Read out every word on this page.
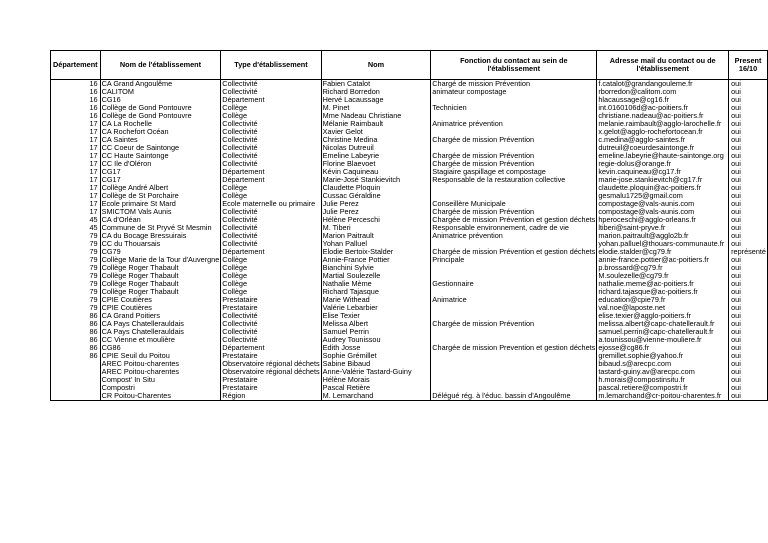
Département	Nom de l'établissement	Type d'établissement	Nom	Fonction du contact au sein de l'établissement	Adresse mail du contact ou de l'établissement	Present 16/10
16	CA Grand Angoulême	Collectivité	Fabien Catalot	Chargé de mission Prévention	f.catalot@grandangouleme.fr	oui
16	CALITOM	Collectivité	Richard Borredon	animateur compostage	rborredon@calitom.com	oui
16	CG16	Département	Hervé Lacaussage		hlacaussage@cg16.fr	oui
16	Collège de Gond Pontouvre	Collège	M. Pinet	Technicien	int.0160106d@ac-poitiers.fr	oui
16	Collège de Gond Pontouvre	Collège	Mme Nadeau Christiane		christiane.nadeau@ac-poitiers.fr	oui
17	CA La Rochelle	Collectivité	Mélanie Raimbault	Animatrice prévention	melanie.raimbault@agglo-larochelle.fr	oui
17	CA Rochefort Océan	Collectivité	Xavier Gelot		x.gelot@agglo-rochefortocean.fr	oui
17	CA Saintes	Collectivité	Christine Medina	Chargée de mission Prévention	c.medina@agglo-saintes.fr	oui
17	CC Coeur de Saintonge	Collectivité	Nicolas Dutreuil		dutreuil@coeurdesaintonge.fr	oui
17	CC Haute Saintonge	Collectivité	Emeline Labeyrie	Chargée de mission Prévention	emeline.labeyrie@haute-saintonge.org	oui
17	CC Ile d'Oléron	Collectivité	Florine Blaevoet	Chargée de mission Prévention	regie-dolus@orange.fr	oui
17	CG17	Département	Kévin Caquineau	Stagiaire gaspillage et compostage	kevin.caquineau@cg17.fr	oui
17	CG17	Département	Marie-José Stankievitch	Responsable de la restauration collective	marie-jose.stankievitch@cg17.fr	oui
17	Collège André Albert	Collège	Claudette Ploquin		claudette.ploquin@ac-poitiers.fr	oui
17	Collège de St Porchaire	Collège	Cussac Géraldine		gesmalu1725@gmail.com	oui
17	Ecole primaire St Mard	Ecole maternelle ou primaire	Julie Perez	Conseillère Municipale	compostage@vals-aunis.com	oui
17	SMICTOM Vals Aunis	Collectivité	Julie Perez	Chargée de mission Prévention	compostage@vals-aunis.com	oui
45	CA d'Orléan	Collectivité	Hélène Perceschi	Chargée de mission Prévention et gestion déchets	hperoceschi@agglo-orleans.fr	oui
45	Commune de St Pryvé St Mesmin	Collectivité	M. Tiberi	Responsable environnement, cadre de vie	ltiberi@saint-pryve.fr	oui
79	CA du Bocage Bressuirais	Collectivité	Marion Paitrault	Animatrice prévention	marion.paitrault@agglo2b.fr	oui
79	CC du Thouarsais	Collectivité	Yohan Palluel		yohan.palluel@thouars-communaute.fr	oui
79	CG79	Département	Elodie Bertoix-Stalder	Chargée de mission Prévention et gestion déchets	elodie.stalder@cg79.fr	représenté
79	Collège Marie de la Tour d'Auvergne	Collège	Annie-France Pottier	Principale	annie-france.pottier@ac-poitiers.fr	oui
79	Collège Roger Thabault	Collège	Bianchini Sylvie		p.brossard@cg79.fr	oui
79	Collège Roger Thabault	Collège	Martial Soulezelle		M.soulezelle@cg79.fr	oui
79	Collège Roger Thabault	Collège	Nathalie Mème	Gestionnaire	nathalie.meme@ac-poitiers.fr	oui
79	Collège Roger Thabault	Collège	Richard Tajasque		richard.tajasque@ac-poitiers.fr	oui
79	CPIE Coutières	Prestataire	Marie Withead	Animatrice	education@cpie79.fr	oui
79	CPIE Coutières	Prestataire	Valérie Lebarbier		val.noe@laposte.net	oui
86	CA Grand Poitiers	Collectivité	Elise Texier		elise.texier@agglo-poitiers.fr	oui
86	CA Pays Chatellerauldais	Collectivité	Melissa Albert	Chargée de mission Prévention	melissa.albert@capc-chatellerault.fr	oui
86	CA Pays Chatellerauldais	Collectivité	Samuel Perrin		samuel.perrin@capc-chatellerault.fr	oui
86	CC Vienne et moulière	Collectivité	Audrey Tounissou		a.tounissou@vienne-mouliere.fr	oui
86	CG86	Département	Edith Josse	Chargée de mission Prevention et gestion déchets	ejosse@cg86.fr	oui
86	CPIE Seuil du Poitou	Prestataire	Sophie Grémillet		gremillet.sophie@yahoo.fr	oui
	AREC Poitou-charentes	Observatoire régional déchets	Sabine Bibaud		bibaud.s@arecpc.com	oui
	AREC Poitou-charentes	Observatoire régional déchets	Anne-Valérie Tastard-Guiny		tastard-guiny.av@arecpc.com	oui
	Compost' In Situ	Prestataire	Hélène Morais		h.morais@compostinsitu.fr	oui
	Compostri	Prestataire	Pascal Retière		pascal.retiere@compostri.fr	oui
	CR Poitou-Charentes	Région	M. Lemarchand	Délégué rég. à l'éduc. bassin d'Angoulême	m.lemarchand@cr-poitou-charentes.fr	oui
